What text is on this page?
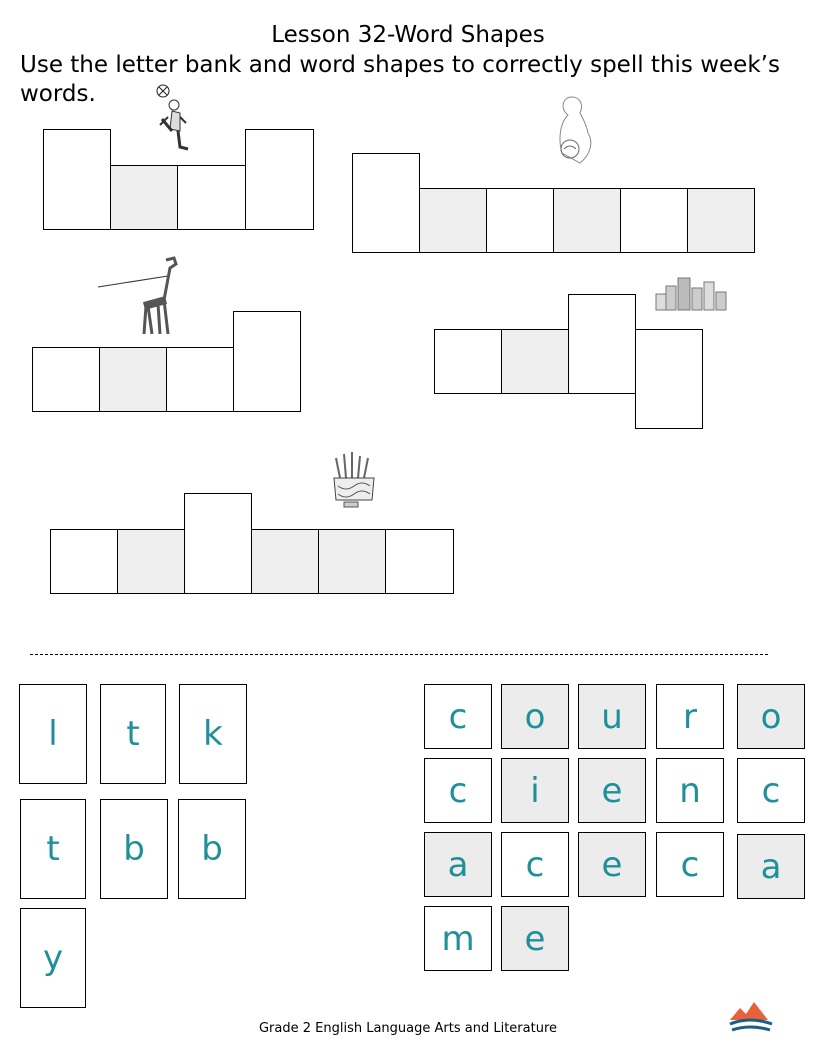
Lesson 32-Word Shapes
Use the letter bank and word shapes to correctly spell this week’s words.
l	t	k
t	b	b
y
c	o	u	r	o
c	i	e	n	c
a	c	e	c	a
m	e
Grade 2 English Language Arts and Literature
